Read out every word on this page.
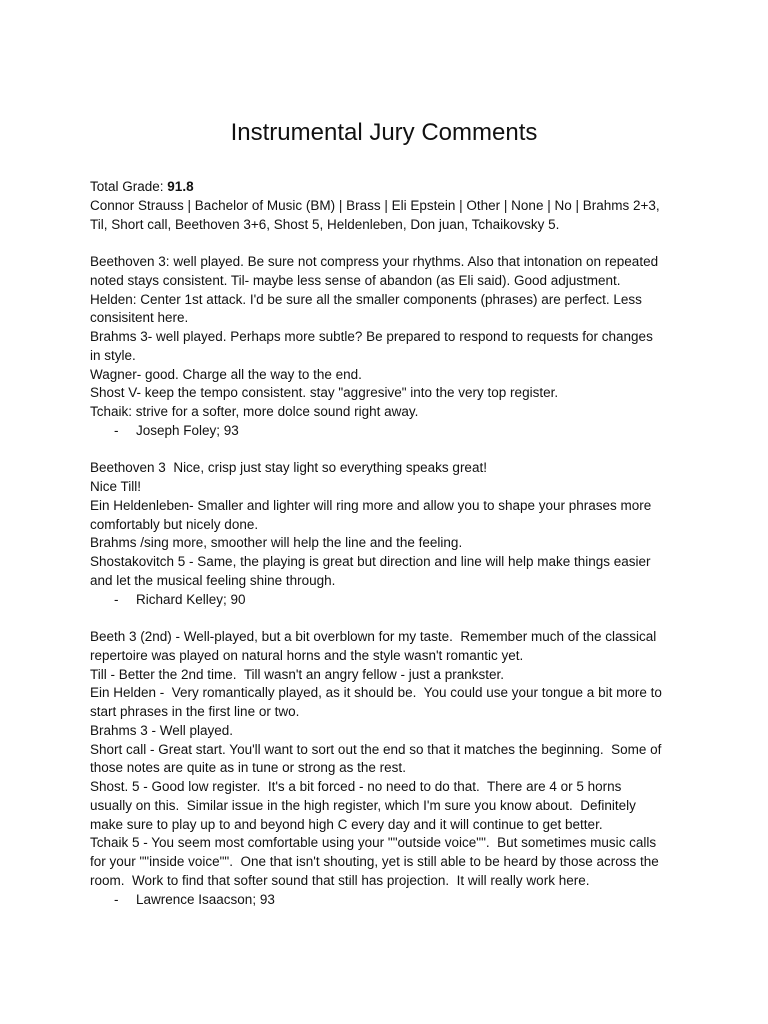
Instrumental Jury Comments
Total Grade: 91.8
Connor Strauss | Bachelor of Music (BM) | Brass | Eli Epstein | Other | None | No | Brahms 2+3,
Til, Short call, Beethoven 3+6, Shost 5, Heldenleben, Don juan, Tchaikovsky 5.
Beethoven 3: well played. Be sure not compress your rhythms. Also that intonation on repeated
noted stays consistent. Til- maybe less sense of abandon (as Eli said). Good adjustment.
Helden: Center 1st attack. I'd be sure all the smaller components (phrases) are perfect. Less
consisitent here.
Brahms 3- well played. Perhaps more subtle? Be prepared to respond to requests for changes
in style.
Wagner- good. Charge all the way to the end.
Shost V- keep the tempo consistent. stay "aggresive" into the very top register.
Tchaik: strive for a softer, more dolce sound right away.
- Joseph Foley; 93
Beethoven 3  Nice, crisp just stay light so everything speaks great!
Nice Till!
Ein Heldenleben- Smaller and lighter will ring more and allow you to shape your phrases more
comfortably but nicely done.
Brahms /sing more, smoother will help the line and the feeling.
Shostakovitch 5 - Same, the playing is great but direction and line will help make things easier
and let the musical feeling shine through.
- Richard Kelley; 90
Beeth 3 (2nd) - Well-played, but a bit overblown for my taste.  Remember much of the classical
repertoire was played on natural horns and the style wasn't romantic yet.
Till - Better the 2nd time.  Till wasn't an angry fellow - just a prankster.
Ein Helden -  Very romantically played, as it should be.  You could use your tongue a bit more to
start phrases in the first line or two.
Brahms 3 - Well played.
Short call - Great start. You'll want to sort out the end so that it matches the beginning.  Some of
those notes are quite as in tune or strong as the rest.
Shost. 5 - Good low register.  It's a bit forced - no need to do that.  There are 4 or 5 horns
usually on this.  Similar issue in the high register, which I'm sure you know about.  Definitely
make sure to play up to and beyond high C every day and it will continue to get better.
Tchaik 5 - You seem most comfortable using your ""outside voice"".  But sometimes music calls
for your ""inside voice"".  One that isn't shouting, yet is still able to be heard by those across the
room.  Work to find that softer sound that still has projection.  It will really work here.
- Lawrence Isaacson; 93
